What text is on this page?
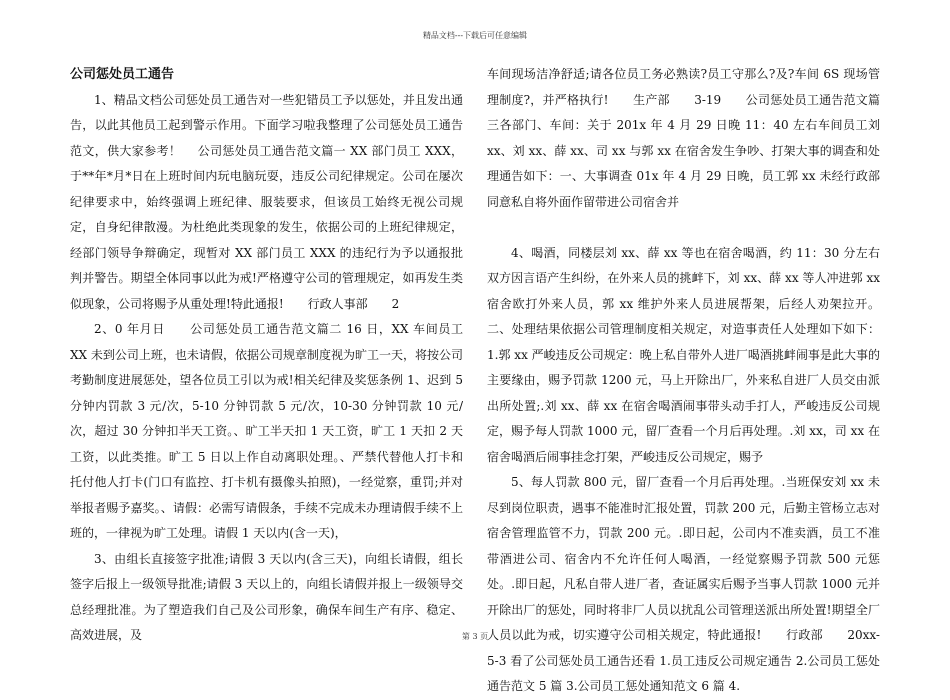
精品文档---下载后可任意编辑
公司惩处员工通告

1、精品文档公司惩处员工通告对一些犯错员工予以惩处，并且发出通告，以此其他员工起到警示作用。下面学习啦我整理了公司惩处员工通告范文，供大家参考！　 公司惩处员工通告范文篇一 XX 部门员工 XXX，于**年*月*日在上班时间内玩电脑玩耍，违反公司纪律规定。公司在屡次纪律要求中，始终强调上班纪律、服装要求，但该员工始终无视公司规定，自身纪律散漫。为杜绝此类现象的发生，依据公司的上班纪律规定，经部门领导争辩确定，现暂对 XX 部门员工 XXX 的违纪行为予以通报批判并警告。期望全体同事以此为戒!严格遵守公司的管理规定，如再发生类似现象，公司将赐予从重处理!特此通报!　　行政人事部　　2

2、0 年月日　　公司惩处员工通告范文篇二 16 日，XX 车间员工 XX 未到公司上班，也未请假，依据公司规章制度视为旷工一天，将按公司考勤制度进展惩处，望各位员工引以为戒!相关纪律及奖惩条例 1、迟到 5 分钟内罚款 3 元/次，5-10 分钟罚款 5 元/次，10-30 分钟罚款 10 元/次，超过 30 分钟扣半天工资。、旷工半天扣 1 天工资，旷工 1 天扣 2 天工资，以此类推。旷工 5 日以上作自动离职处理。、严禁代替他人打卡和托付他人打卡(门口有监控、打卡机有摄像头拍照)，一经觉察，重罚;并对举报者赐予嘉奖。、请假：必需写请假条，手续不完成未办理请假手续不上班的，一律视为旷工处理。请假 1 天以内(含一天)，

3、由组长直接签字批准;请假 3 天以内(含三天)，向组长请假，组长签字后报上一级领导批准;请假 3 天以上的，向组长请假并报上一级领导交总经理批准。为了塑造我们自己及公司形象，确保车间生产有序、稳定、高效进展，及

车间现场洁净舒适;请各位员工务必熟读?员工守那么?及?车间 6S 现场管理制度?，并严格执行!　　生产部　　3-19　　公司惩处员工通告范文篇三各部门、车间：关于 201x 年 4 月 29 日晚 11：40 左右车间员工刘 xx、刘 xx、薛 xx、司 xx 与郭 xx 在宿舍发生争吵、打架大事的调查和处理通告如下：一、大事调查 01x 年 4 月 29 日晚，员工郭 xx 未经行政部同意私自将外面作留带进公司宿舍并

4、喝酒，同楼层刘 xx、薛 xx 等也在宿舍喝酒，约 11：30 分左右双方因言语产生纠纷，在外来人员的挑衅下，刘 xx、薛 xx 等人冲进郭 xx 宿舍欧打外来人员，郭 xx 维护外来人员进展帮架，后经人劝架拉开。二、处理结果依据公司管理制度相关规定，对造事责任人处理如下如下：1.郭 xx 严峻违反公司规定：晚上私自带外人进厂喝酒挑衅闹事是此大事的主要缘由，赐予罚款 1200 元，马上开除出厂，外来私自进厂人员交由派出所处置;.刘 xx、薛 xx 在宿舍喝酒闹事带头动手打人，严峻违反公司规定，赐予每人罚款 1000 元，留厂查看一个月后再处理。.刘 xx，司 xx 在宿舍喝酒后闹事挂念打架，严峻违反公司规定，赐予

5、每人罚款 800 元，留厂查看一个月后再处理。.当班保安刘 xx 未尽到岗位职责，遇事不能准时汇报处置，罚款 200 元，后勤主管杨立志对宿舍管理监管不力，罚款 200 元。.即日起，公司内不准卖酒，员工不准带酒进公司、宿舍内不允许任何人喝酒，一经觉察赐予罚款 500 元惩处。.即日起，凡私自带人进厂者，查证属实后赐予当事人罚款 1000 元并开除出厂的惩处，同时将非厂人员以扰乱公司管理送派出所处置!期望全厂人员以此为戒，切实遵守公司相关规定，特此通报!　　行政部　　20xx-5-3 看了公司惩处员工通告还看 1.员工违反公司规定通告 2.公司员工惩处通告范文 5 篇 3.公司员工惩处通知范文 6 篇 4.

第 3 页
